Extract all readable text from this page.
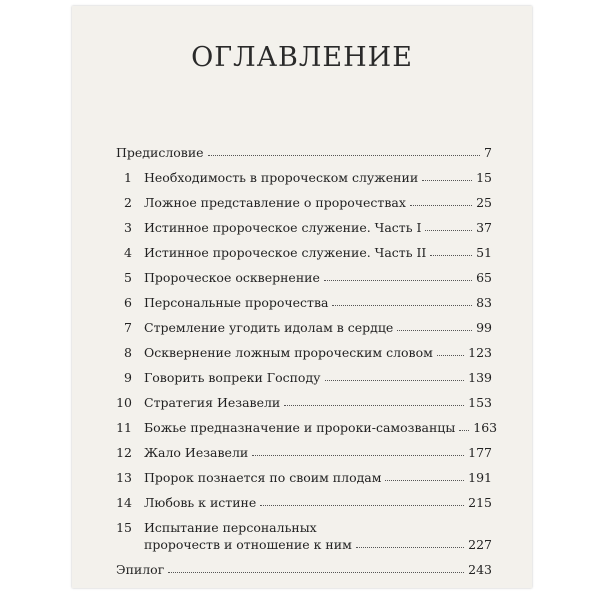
ОГЛАВЛЕНИЕ
Предисловие	7
1 Необходимость в пророческом служении	15
2 Ложное представление о пророчествах	25
3 Истинное пророческое служение. Часть I	37
4 Истинное пророческое служение. Часть II	51
5 Пророческое осквернение	65
6 Персональные пророчества	83
7 Стремление угодить идолам в сердце	99
8 Осквернение ложным пророческим словом	123
9 Говорить вопреки Господу	139
10 Стратегия Иезавели	153
11 Божье предназначение и пророки-самозванцы 163
12 Жало Иезавели	177
13 Пророк познается по своим плодам	191
14 Любовь к истине	215
15 Испытание персональных
пророчеств и отношение к ним	227
Эпилог	243
